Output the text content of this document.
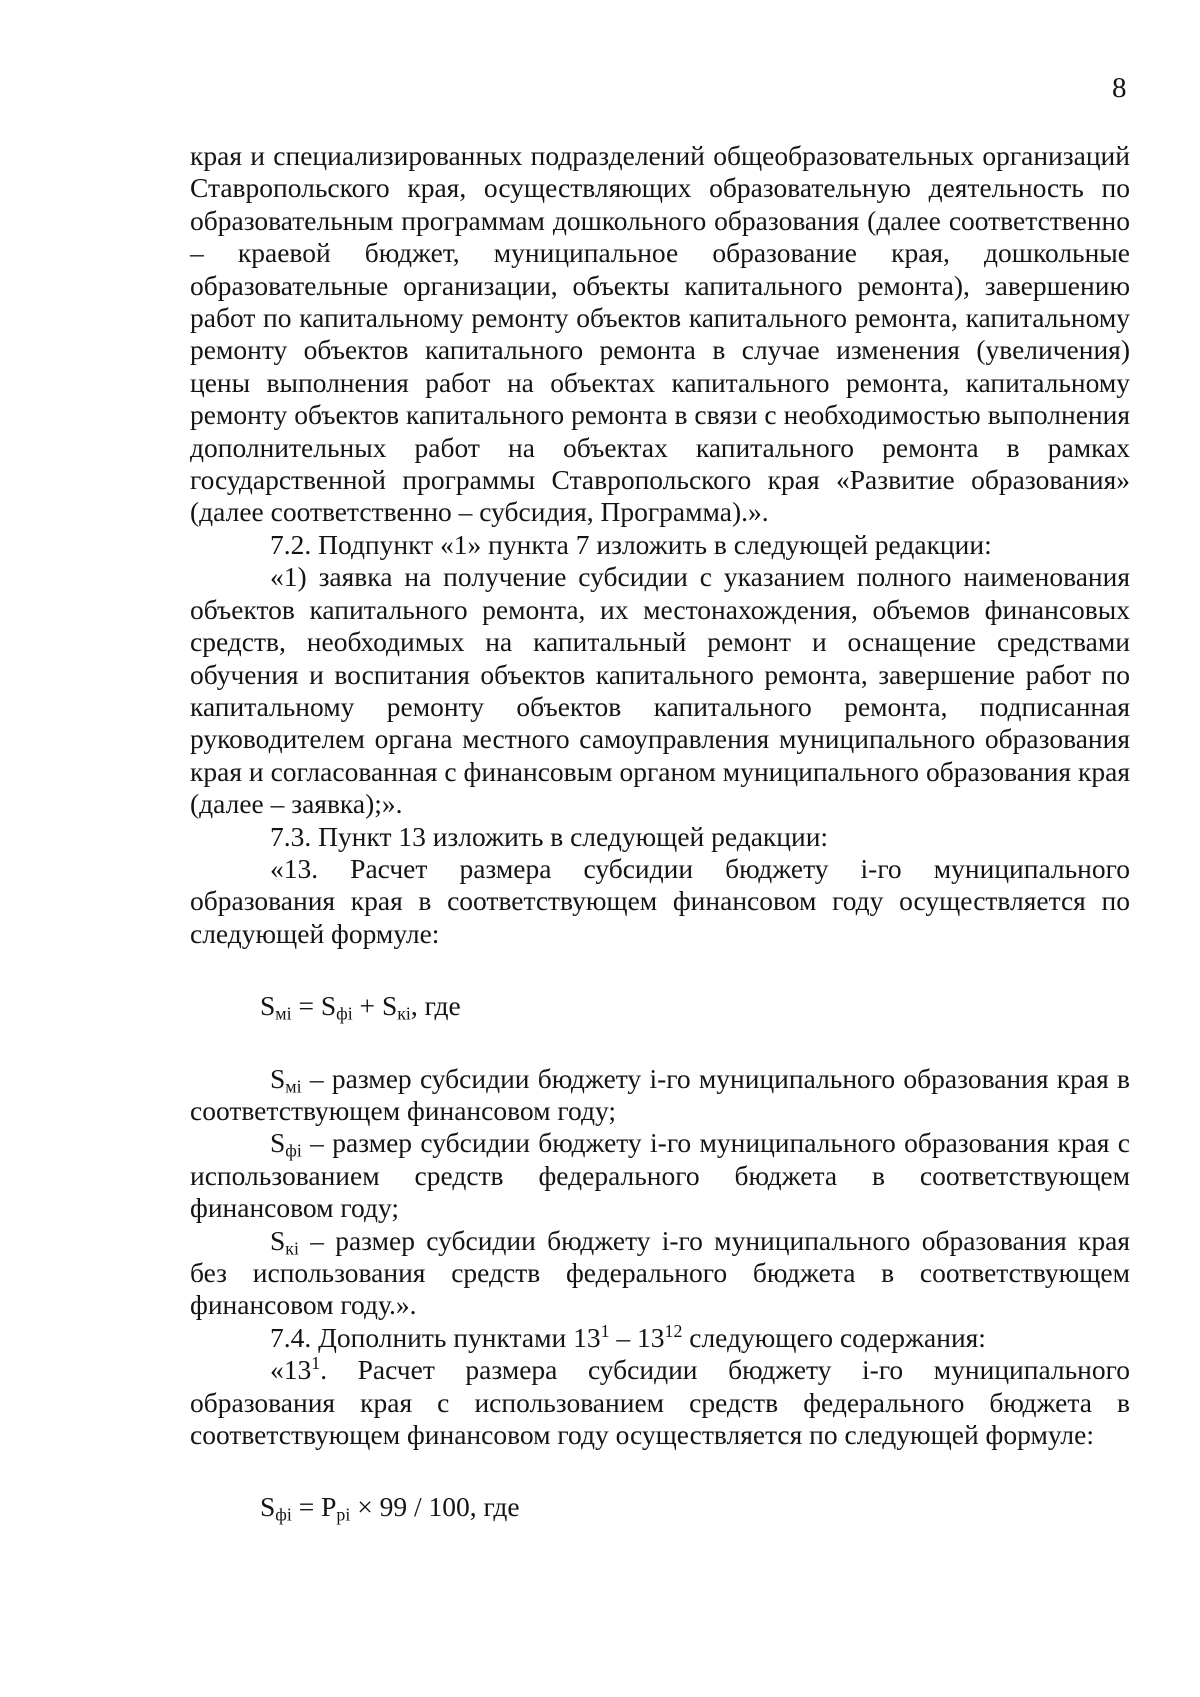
8

края и специализированных подразделений общеобразовательных организаций Ставропольского края, осуществляющих образовательную деятельность по образовательным программам дошкольного образования (далее соответственно – краевой бюджет, муниципальное образование края, дошкольные образовательные организации, объекты капитального ремонта), завершению работ по капитальному ремонту объектов капитального ремонта, капитальному ремонту объектов капитального ремонта в случае изменения (увеличения) цены выполнения работ на объектах капитального ремонта, капитальному ремонту объектов капитального ремонта в связи с необходимостью выполнения дополнительных работ на объектах капитального ремонта в рамках государственной программы Ставропольского края «Развитие образования» (далее соответственно – субсидия, Программа).».

7.2. Подпункт «1» пункта 7 изложить в следующей редакции:

«1) заявка на получение субсидии с указанием полного наименования объектов капитального ремонта, их местонахождения, объемов финансовых средств, необходимых на капитальный ремонт и оснащение средствами обучения и воспитания объектов капитального ремонта, завершение работ по капитальному ремонту объектов капитального ремонта, подписанная руководителем органа местного самоуправления муниципального образования края и согласованная с финансовым органом муниципального образования края (далее – заявка);».

7.3. Пункт 13 изложить в следующей редакции:

«13. Расчет размера субсидии бюджету i-го муниципального образования края в соответствующем финансовом году осуществляется по следующей формуле:

$S_{мi} = S_{фi} + S_{кi}$, где

$S_{мi}$ – размер субсидии бюджету i-го муниципального образования края в соответствующем финансовом году;

$S_{фi}$ – размер субсидии бюджету i-го муниципального образования края с использованием средств федерального бюджета в соответствующем финансовом году;

$S_{кi}$ – размер субсидии бюджету i-го муниципального образования края без использования средств федерального бюджета в соответствующем финансовом году.».

7.4. Дополнить пунктами $13^1 - 13^{12}$ следующего содержания:

«$13^1$. Расчет размера субсидии бюджету i-го муниципального образования края с использованием средств федерального бюджета в соответствующем финансовом году осуществляется по следующей формуле:

$S_{фi} = P_{pi} \times 99 / 100$, где
